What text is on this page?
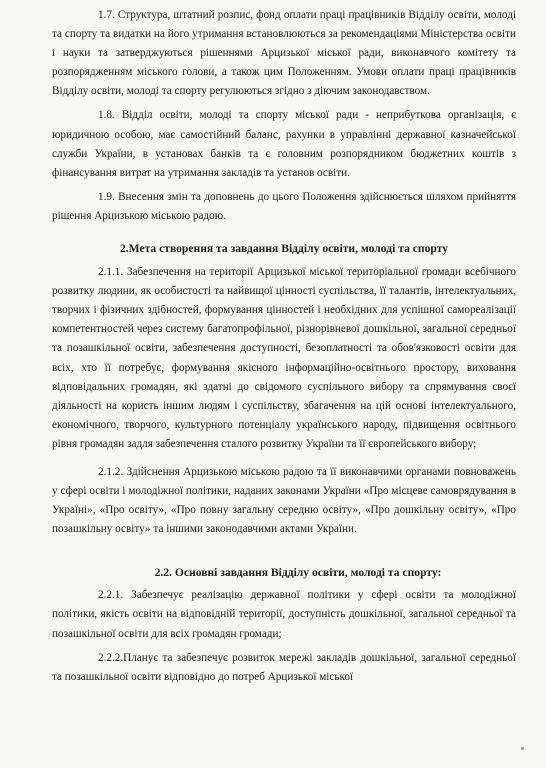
1.7. Структура, штатний розпис, фонд оплати праці працівників Відділу освіти, молоді та спорту та видатки на його утримання встановлюються за рекомендаціями Міністерства освіти і науки та затверджуються рішеннями Арцизької міської ради, виконавчого комітету та розпорядженням міського голови, а також цим Положенням. Умови оплати праці працівників Відділу освіти, молоді та спорту регулюються згідно з діючим законодавством.

1.8. Відділ освіти, молоді та спорту міської ради - неприбуткова організація, є юридичною особою, має самостійний баланс, рахунки в управлінні державної казначейської служби України, в установах банків та є головним розпорядником бюджетних коштів з фінансування витрат на утримання закладів та установ освіти.

1.9. Внесення змін та доповнень до цього Положення здійснюється шляхом прийняття рішення Арцизькою міською радою.

2.Мета створення та завдання Відділу освіти, молоді та спорту

2.1.1. Забезпечення на території Арцизької міської територіальної громади всебічного розвитку людини, як особистості та найвищої цінності суспільства, її талантів, інтелектуальних, творчих і фізичних здібностей, формування цінностей і необхідних для успішної самореалізації компетентностей через систему багатопрофільної, різнорівневої дошкільної, загальної середньої та позашкільної освіти, забезпечення доступності, безоплатності та обов'язковості освіти для всіх, хто її потребує, формування якісного інформаційно-освітнього простору, виховання відповідальних громадян, які здатні до свідомого суспільного вибору та спрямування своєї діяльності на користь іншим людям і суспільству, збагачення на цій основі інтелектуального, економічного, творчого, культурного потенціалу українського народу, підвищення освітнього рівня громадян задля забезпечення сталого розвитку України та її європейського вибору;

2.1.2. Здійснення Арцизькою міською радою та її виконавчими органами повноважень у сфері освіти і молодіжної політики, наданих законами України «Про місцеве самоврядування в Україні», «Про освіту», «Про повну загальну середню освіту», «Про дошкільну освіту», «Про позашкільну освіту» та іншими законодавчими актами України.

2.2. Основні завдання Відділу освіти, молоді та спорту:

2.2.1. Забезпечує реалізацію державної політики у сфері освіти та молодіжної політики, якість освіти на відповідній території, доступність дошкільної, загальної середньої та позашкільної освіти для всіх громадян громади;

2.2.2.Планує та забезпечує розвиток мережі закладів дошкільної, загальної середньої та позашкільної освіти відповідно до потреб Арцизької міської
